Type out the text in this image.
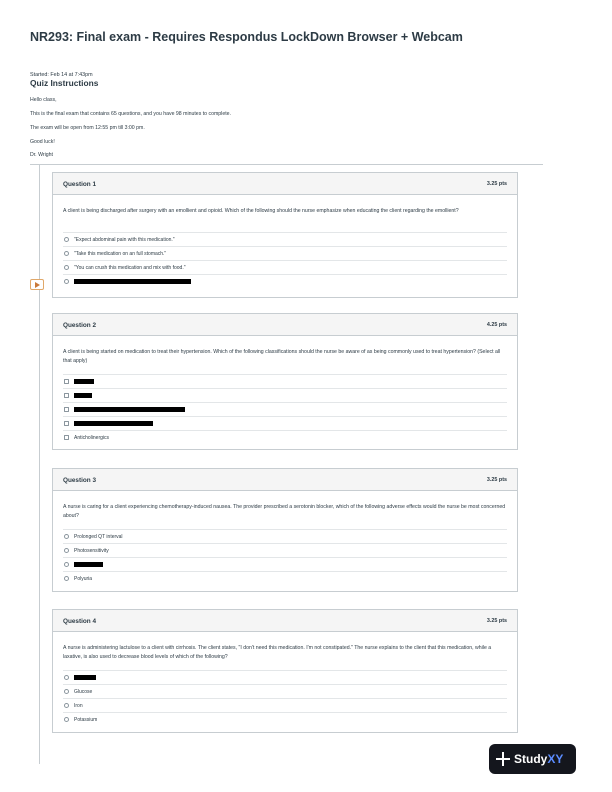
NR293: Final exam - Requires Respondus LockDown Browser + Webcam
Started: Feb 14 at 7:43pm
Quiz Instructions
Hello class,
This is the final exam that contains 65 questions, and you have 98 minutes to complete.
The exam will be open from 12:55 pm till 3:00 pm.
Good luck!
Dr. Wright
Question 1	3.25 pts
A client is being discharged after surgery with an emollient and opioid. Which of the following should the nurse emphasize when educating the client regarding the emollient?
"Expect abdominal pain with this medication."
"Take this medication on an full stomach."
"You can crush this medication and mix with food."
Question 2	4.25 pts
A client is being started on medication to treat their hypertension. Which of the following classifications should the nurse be aware of as being commonly used to treat hypertension? (Select all that apply)
Anticholinergics
Question 3	3.25 pts
A nurse is caring for a client experiencing chemotherapy-induced nausea. The provider prescribed a serotonin blocker, which of the following adverse effects would the nurse be most concerned about?
Prolonged QT interval
Photosensitivity
Polyuria
Question 4	3.25 pts
A nurse is administering lactulose to a client with cirrhosis. The client states, "I don't need this medication. I'm not constipated." The nurse explains to the client that this medication, while a laxative, is also used to decrease blood levels of which of the following?
Glucose
Iron
Potassium
StudyXY
